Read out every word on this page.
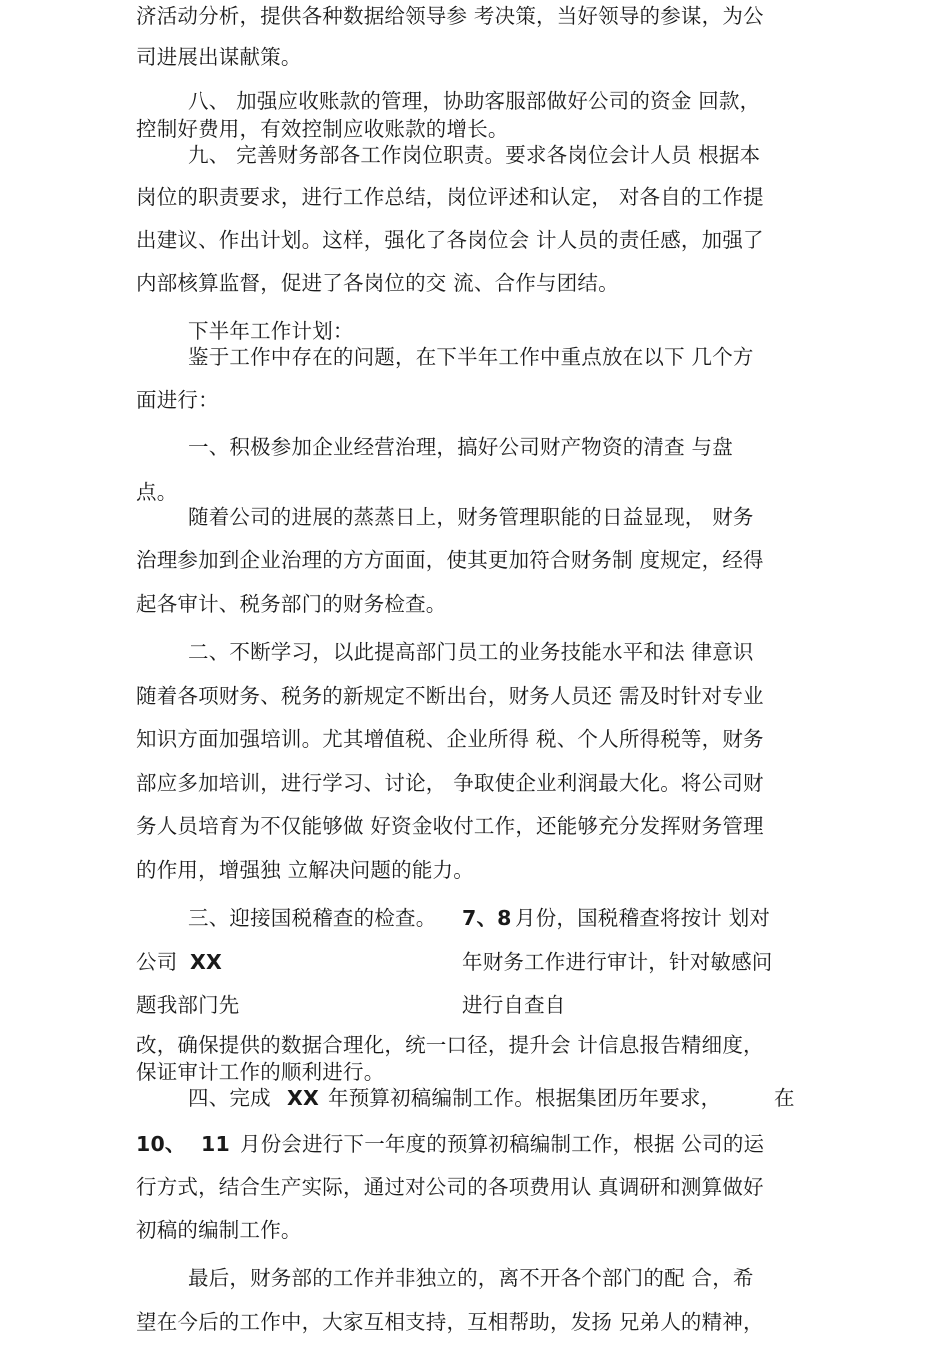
济活动分析，提供各种数据给领导参 考决策，当好领导的参谋，为公
司进展出谋献策。
八、 加强应收账款的管理，协助客服部做好公司的资金 回款，
控制好费用，有效控制应收账款的增长。
九、 完善财务部各工作岗位职责。要求各岗位会计人员 根据本
岗位的职责要求，进行工作总结，岗位评述和认定， 对各自的工作提
出建议、作出计划。这样，强化了各岗位会 计人员的责任感，加强了
内部核算监督，促进了各岗位的交 流、合作与团结。
下半年工作计划：
鉴于工作中存在的问题，在下半年工作中重点放在以下 几个方
面进行：
一、积极参加企业经营治理，搞好公司财产物资的清查 与盘
点。
随着公司的进展的蒸蒸日上，财务管理职能的日益显现， 财务
治理参加到企业治理的方方面面，使其更加符合财务制 度规定，经得
起各审计、税务部门的财务检查。
二、不断学习，以此提高部门员工的业务技能水平和法 律意识
随着各项财务、税务的新规定不断出台，财务人员还 需及时针对专业
知识方面加强培训。尤其增值税、企业所得 税、个人所得税等，财务
部应多加培训，进行学习、讨论， 争取使企业利润最大化。将公司财
务人员培育为不仅能够做 好资金收付工作，还能够充分发挥财务管理
的作用，增强独 立解决问题的能力。
三、迎接国税稽查的检查。 7、8 月份，国税稽查将按计 划对
公司 XX	年财务工作进行审计，针对敏感问
题我部门先	进行自查自
改，确保提供的数据合理化，统一口径，提升会 计信息报告精细度，
保证审计工作的顺利进行。
四、完成 XX 年预算初稿编制工作。根据集团历年要求，	在
10、 11 月份会进行下一年度的预算初稿编制工作，根据 公司的运
行方式，结合生产实际，通过对公司的各项费用认 真调研和测算做好
初稿的编制工作。
最后，财务部的工作并非独立的，离不开各个部门的配 合，希
望在今后的工作中，大家互相支持，互相帮助，发扬 兄弟人的精神，
